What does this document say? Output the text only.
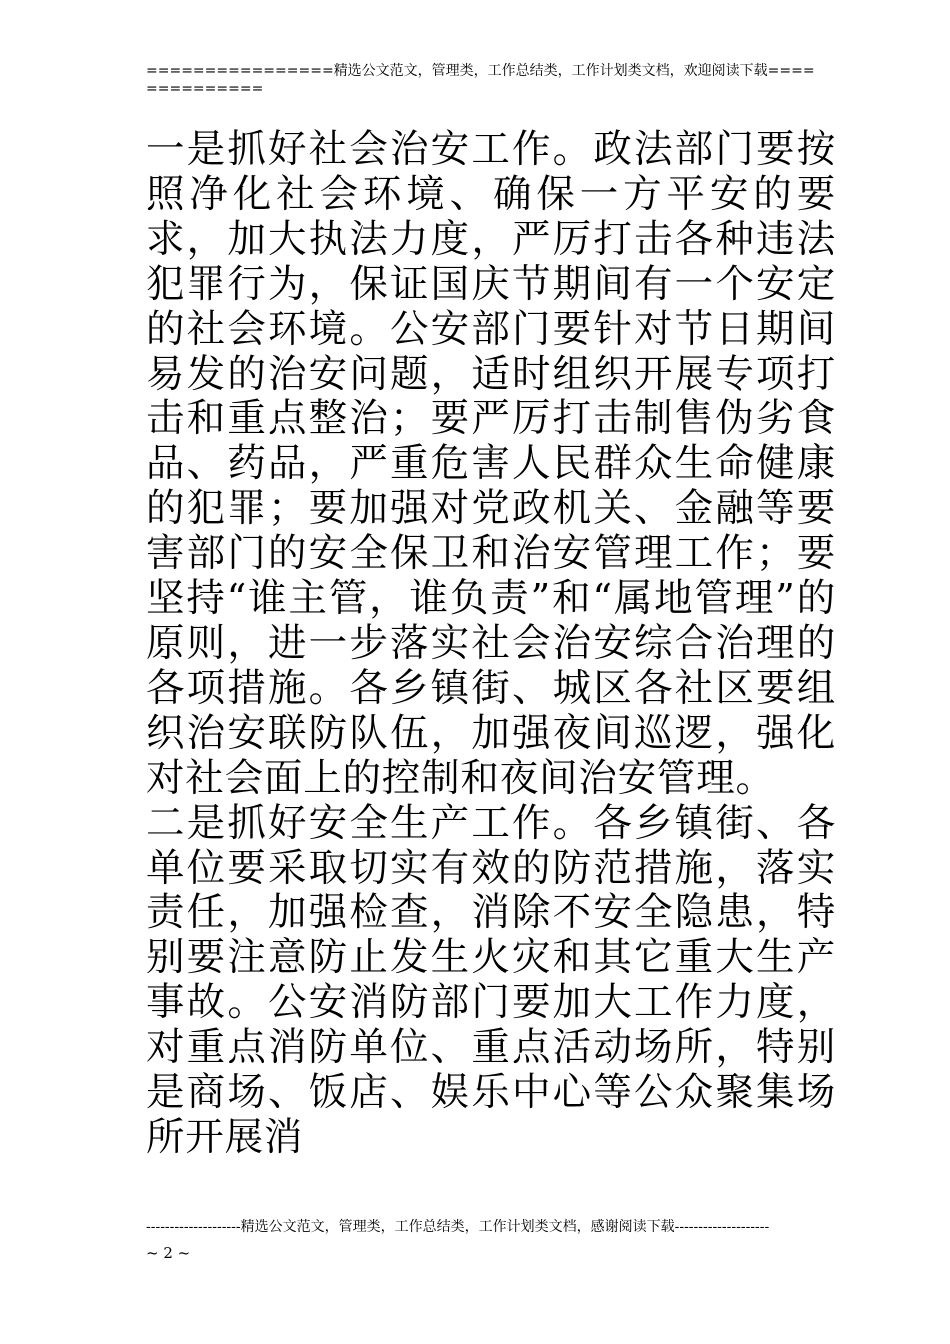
================精选公文范文，管理类，工作总结类，工作计划类文档，欢迎阅读下载==============

一是抓好社会治安工作。政法部门要按照净化社会环境、确保一方平安的要求，加大执法力度，严厉打击各种违法犯罪行为，保证国庆节期间有一个安定的社会环境。公安部门要针对节日期间易发的治安问题，适时组织开展专项打击和重点整治；要严厉打击制售伪劣食品、药品，严重危害人民群众生命健康的犯罪；要加强对党政机关、金融等要害部门的安全保卫和治安管理工作；要坚持“谁主管，谁负责”和“属地管理”的原则，进一步落实社会治安综合治理的各项措施。各乡镇街、城区各社区要组织治安联防队伍，加强夜间巡逻，强化对社会面上的控制和夜间治安管理。

二是抓好安全生产工作。各乡镇街、各单位要采取切实有效的防范措施，落实责任，加强检查，消除不安全隐患，特别要注意防止发生火灾和其它重大生产事故。公安消防部门要加大工作力度，对重点消防单位、重点活动场所，特别是商场、饭店、娱乐中心等公众聚集场所开展消

--------------------精选公文范文，管理类，工作总结类，工作计划类文档，感谢阅读下载--------------------
~ 2 ~
